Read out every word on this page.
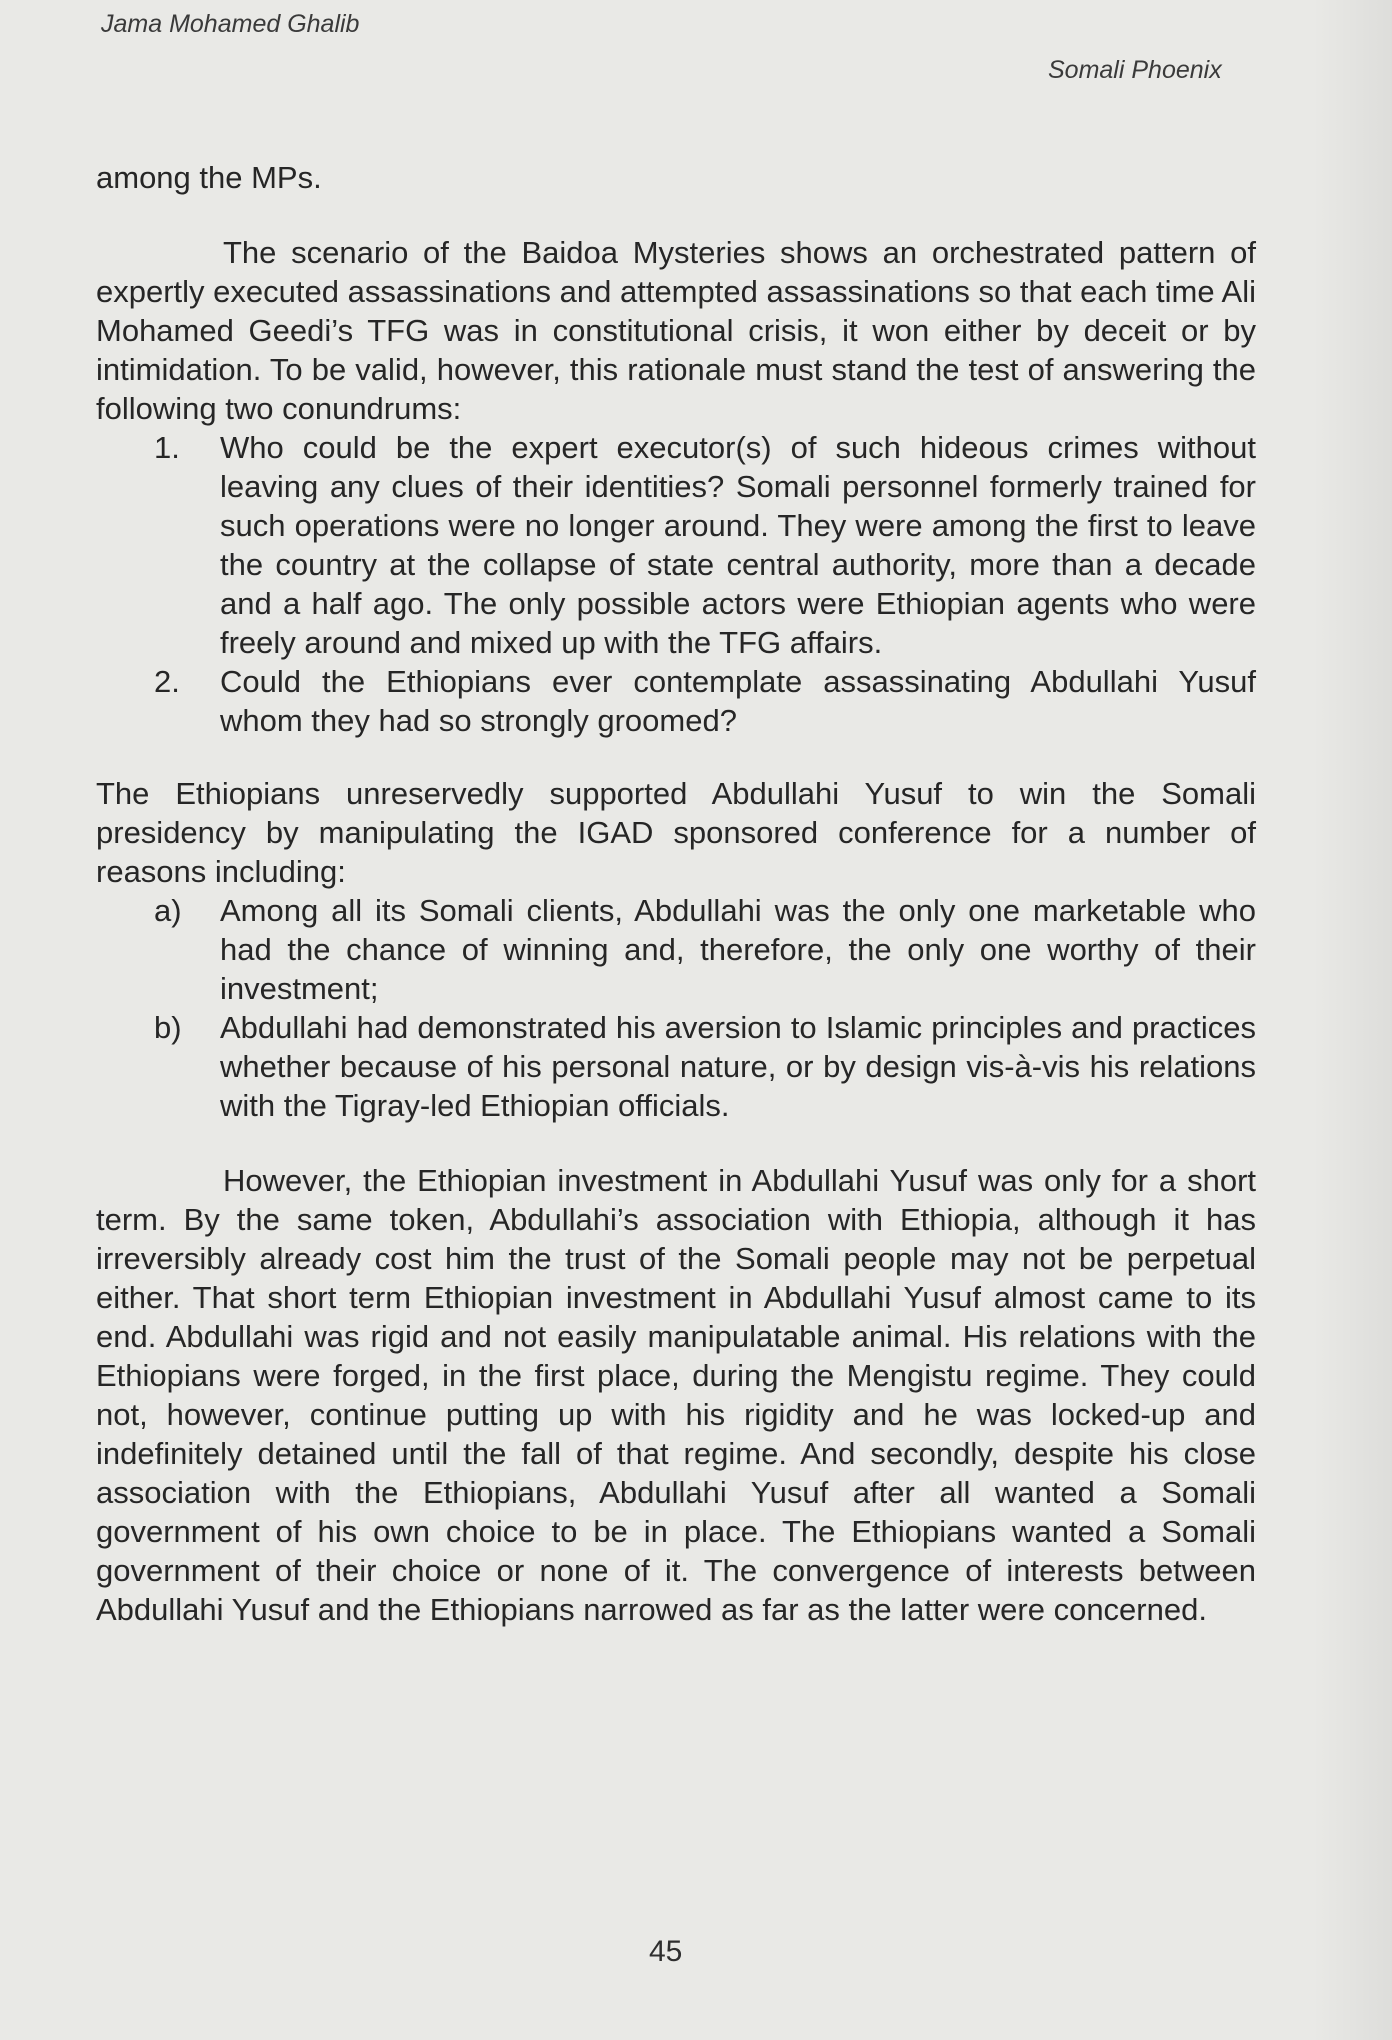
Jama Mohamed Ghalib
Somali Phoenix

among the MPs.

The scenario of the Baidoa Mysteries shows an orchestrated pattern of expertly executed assassinations and attempted assassinations so that each time Ali Mohamed Geedi’s TFG was in constitutional crisis, it won either by deceit or by intimidation. To be valid, however, this rationale must stand the test of answering the following two conundrums:

1. Who could be the expert executor(s) of such hideous crimes without leaving any clues of their identities? Somali personnel formerly trained for such operations were no longer around. They were among the first to leave the country at the collapse of state central authority, more than a decade and a half ago. The only possible actors were Ethiopian agents who were freely around and mixed up with the TFG affairs.
2. Could the Ethiopians ever contemplate assassinating Abdullahi Yusuf whom they had so strongly groomed?

The Ethiopians unreservedly supported Abdullahi Yusuf to win the Somali presidency by manipulating the IGAD sponsored conference for a number of reasons including:

a) Among all its Somali clients, Abdullahi was the only one marketable who had the chance of winning and, therefore, the only one worthy of their investment;
b) Abdullahi had demonstrated his aversion to Islamic principles and practices whether because of his personal nature, or by design vis-à-vis his relations with the Tigray-led Ethiopian officials.

However, the Ethiopian investment in Abdullahi Yusuf was only for a short term. By the same token, Abdullahi’s association with Ethiopia, although it has irreversibly already cost him the trust of the Somali people may not be perpetual either. That short term Ethiopian investment in Abdullahi Yusuf almost came to its end. Abdullahi was rigid and not easily manipulatable animal. His relations with the Ethiopians were forged, in the first place, during the Mengistu regime. They could not, however, continue putting up with his rigidity and he was locked-up and indefinitely detained until the fall of that regime. And secondly, despite his close association with the Ethiopians, Abdullahi Yusuf after all wanted a Somali government of his own choice to be in place. The Ethiopians wanted a Somali government of their choice or none of it. The convergence of interests between Abdullahi Yusuf and the Ethiopians narrowed as far as the latter were concerned.

45
